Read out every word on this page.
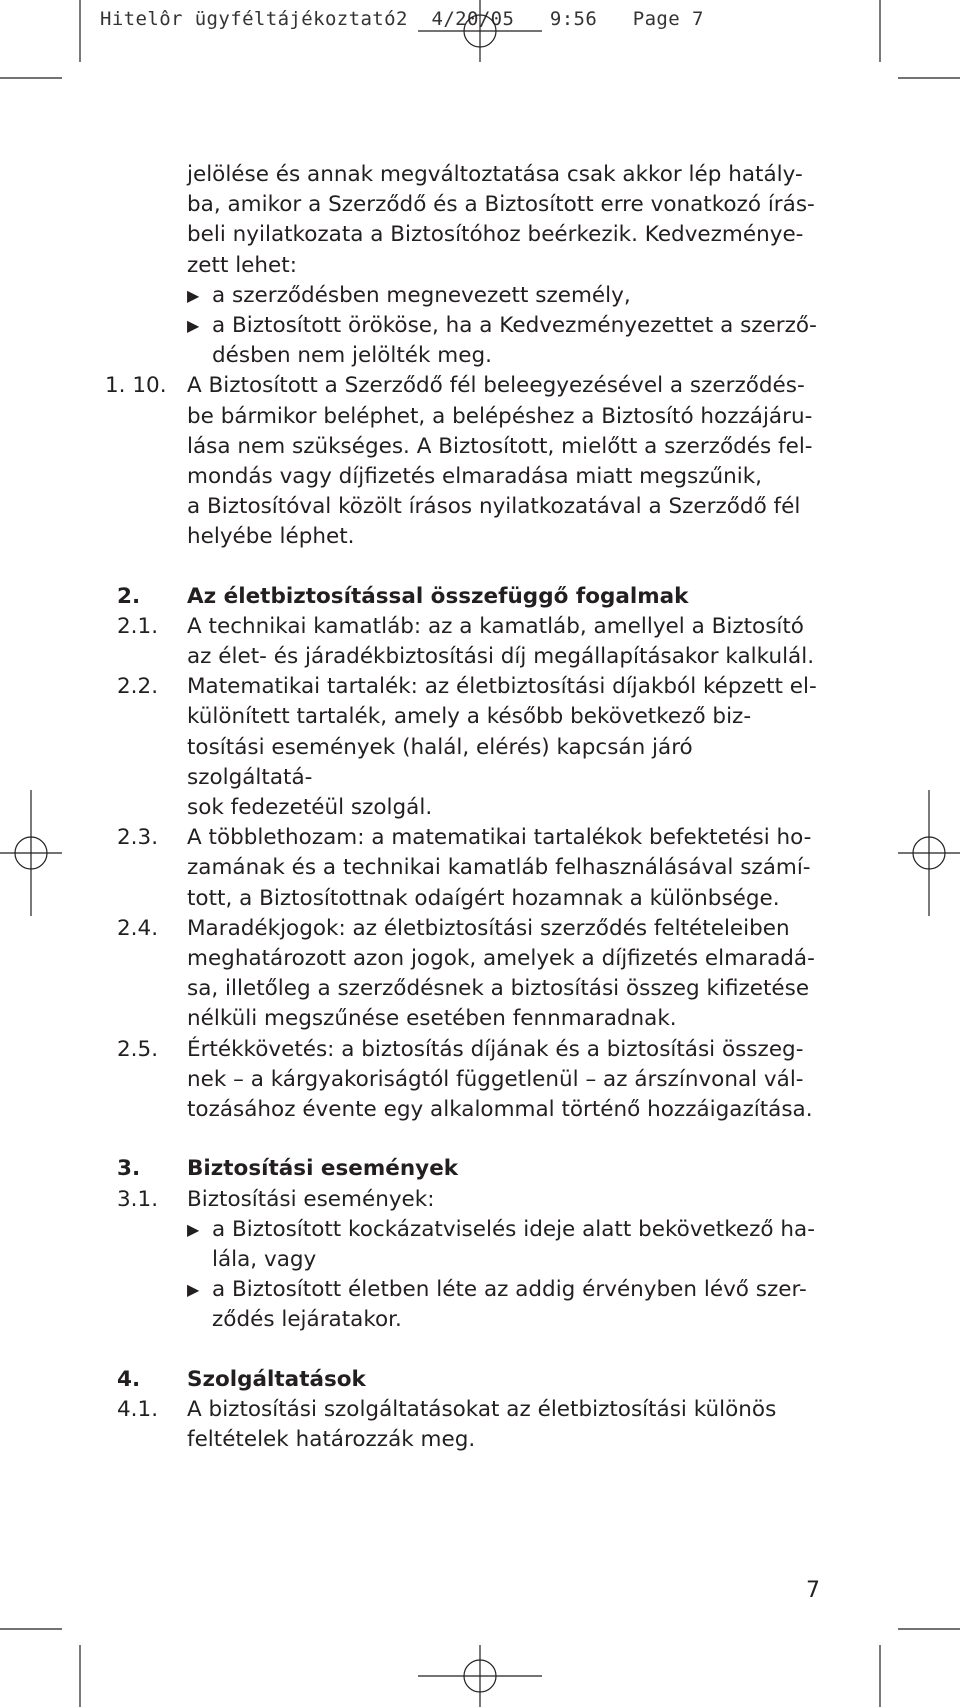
Hitelôr ügyféltájékoztató2  4/20/05   9:56   Page 7
jelölése és annak megváltoztatása csak akkor lép hatály-
ba, amikor a Szerződő és a Biztosított erre vonatkozó írás-
beli nyilatkozata a Biztosítóhoz beérkezik. Kedvezménye-
zett lehet:
▶ a szerződésben megnevezett személy,
▶ a Biztosított örököse, ha a Kedvezményezettet a szerző-
désben nem jelölték meg.
1. 10. A Biztosított a Szerződő fél beleegyezésével a szerződés-
be bármikor beléphet, a belépéshez a Biztosító hozzájáru-
lása nem szükséges. A Biztosított, mielőtt a szerződés fel-
mondás vagy díjfizetés elmaradása miatt megszűnik,
a Biztosítóval közölt írásos nyilatkozatával a Szerződő fél
helyébe léphet.
2.	Az életbiztosítással összefüggő fogalmak
2.1.	A technikai kamatláb: az a kamatláb, amellyel a Biztosító
az élet- és járadékbiztosítási díj megállapításakor kalkulál.
2.2.	Matematikai tartalék: az életbiztosítási díjakból képzett el-
különített tartalék, amely a később bekövetkező biz-
tosítási események (halál, elérés) kapcsán járó szolgáltatá-
sok fedezetéül szolgál.
2.3.	A többlethozam: a matematikai tartalékok befektetési ho-
zamának és a technikai kamatláb felhasználásával számí-
tott, a Biztosítottnak odaígért hozamnak a különbsége.
2.4.	Maradékjogok: az életbiztosítási szerződés feltételeiben
meghatározott azon jogok, amelyek a díjfizetés elmaradá-
sa, illetőleg a szerződésnek a biztosítási összeg kifizetése
nélküli megszűnése esetében fennmaradnak.
2.5.	Értékkövetés: a biztosítás díjának és a biztosítási összeg-
nek – a kárgyakoriságtól függetlenül – az árszínvonal vál-
tozásához évente egy alkalommal történő hozzáigazítása.
3.	Biztosítási események
3.1.	Biztosítási események:
▶ a Biztosított kockázatviselés ideje alatt bekövetkező ha-
lála, vagy
▶ a Biztosított életben léte az addig érvényben lévő szer-
ződés lejáratakor.
4.	Szolgáltatások
4.1.	A biztosítási szolgáltatásokat az életbiztosítási különös
feltételek határozzák meg.
7
